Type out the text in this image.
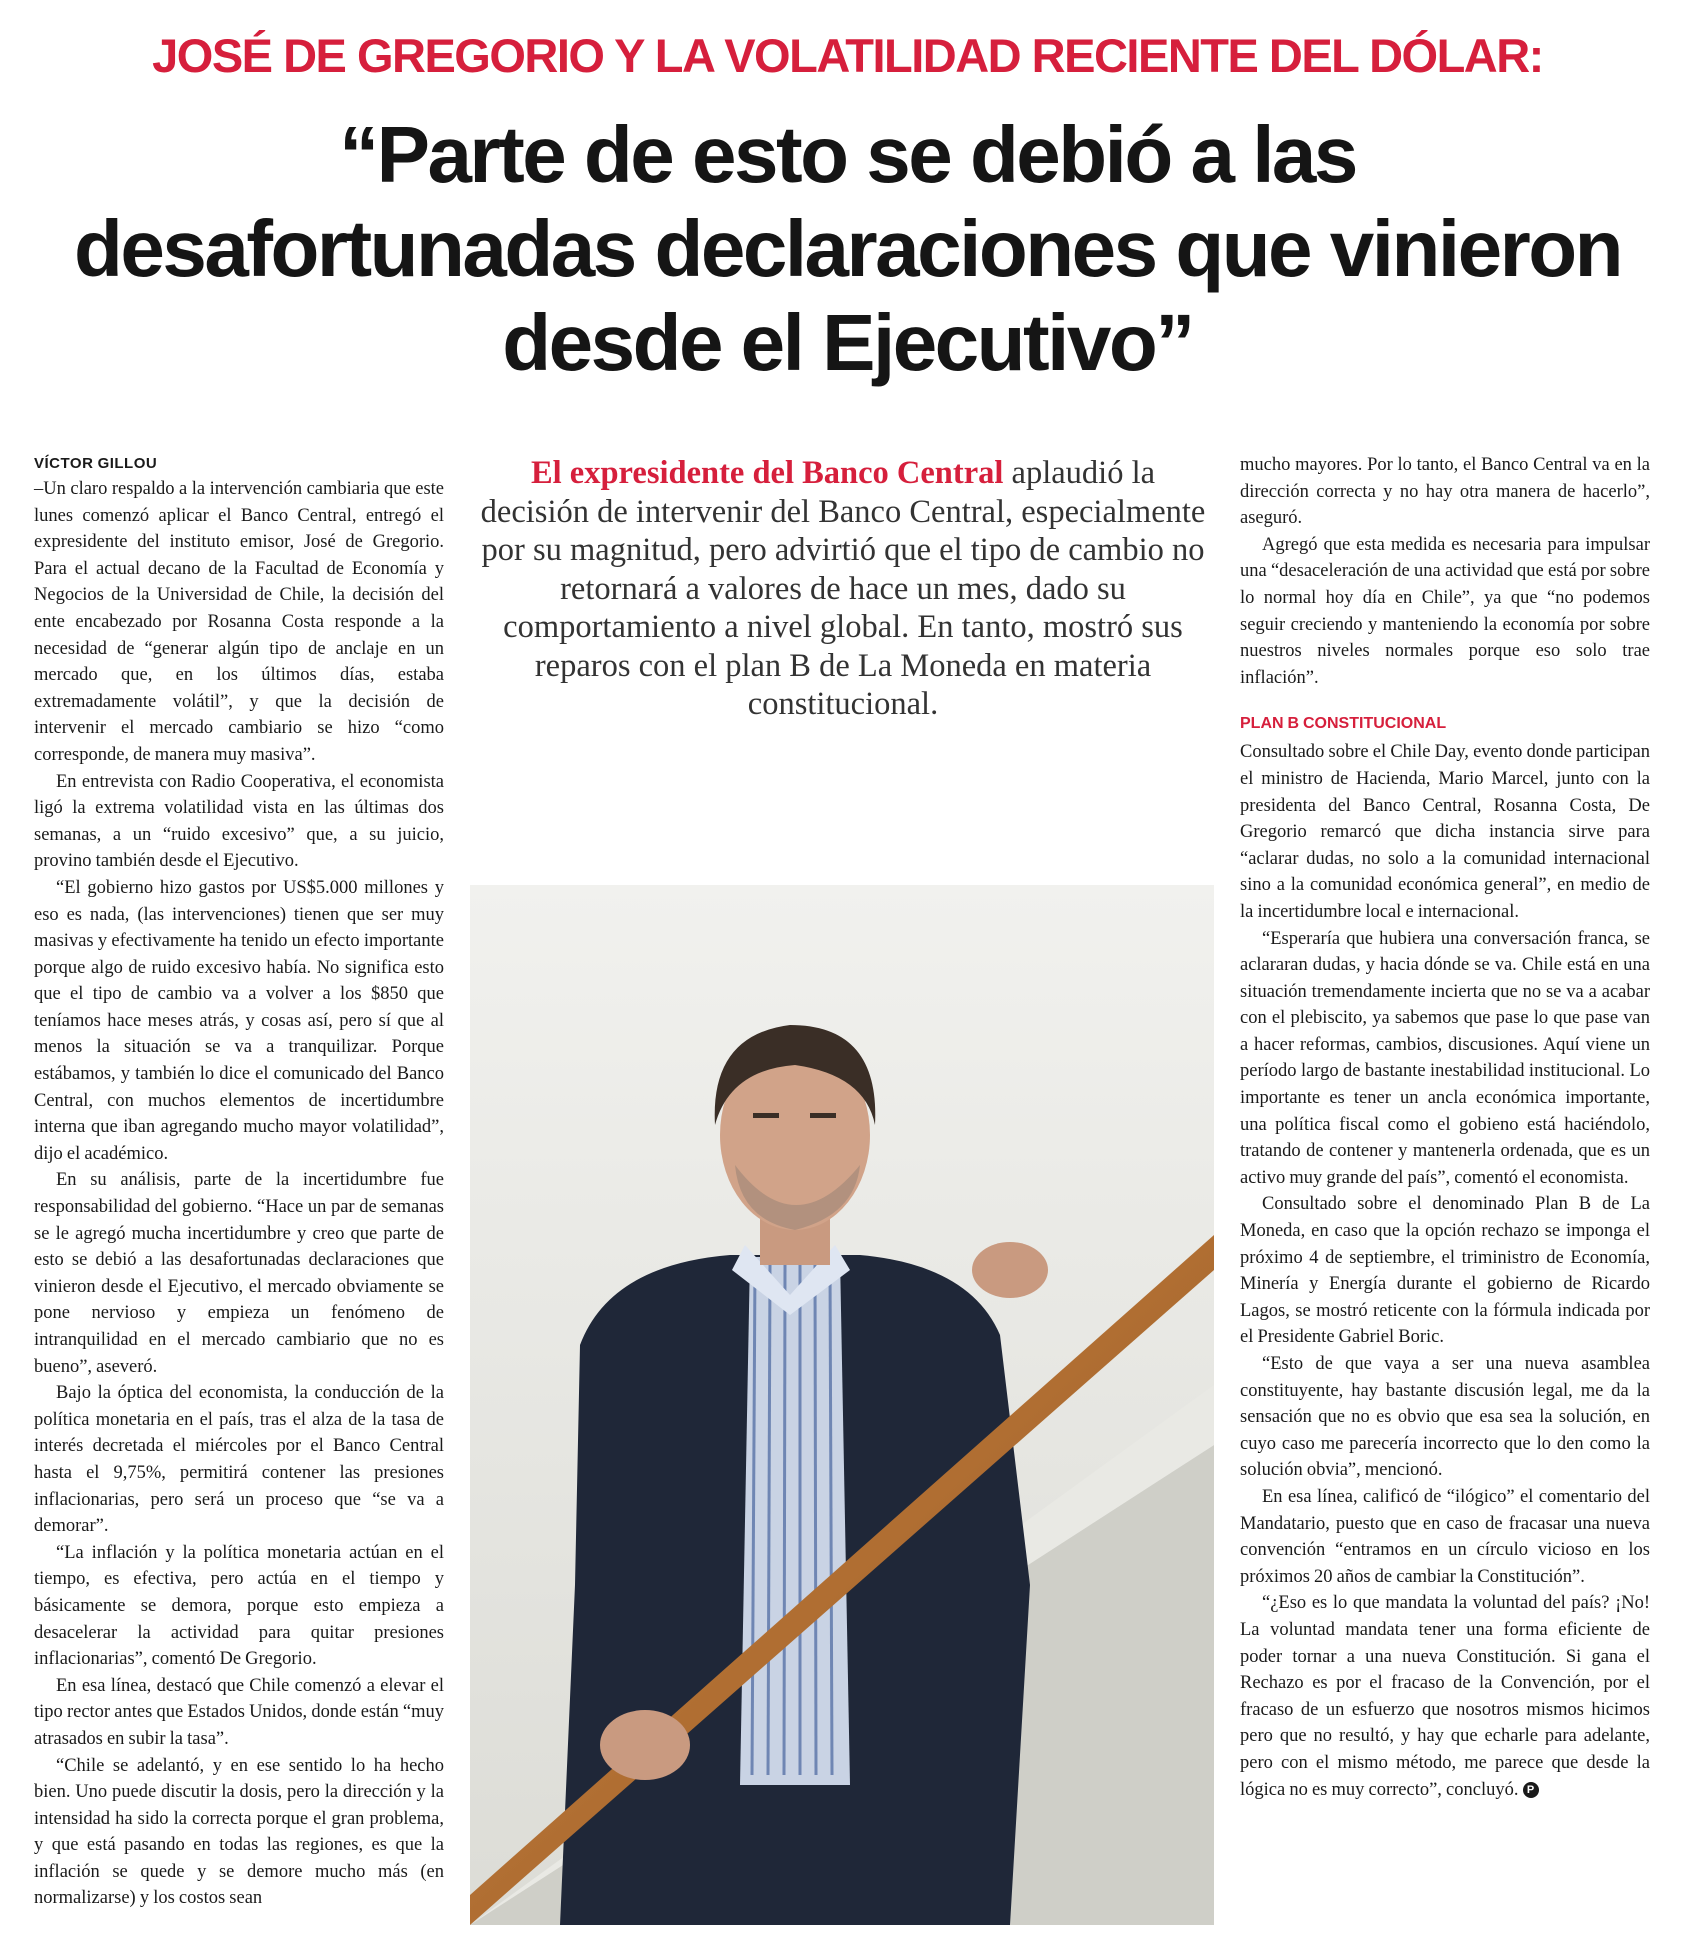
JOSÉ DE GREGORIO Y LA VOLATILIDAD RECIENTE DEL DÓLAR:
“Parte de esto se debió a las
desafortunadas declaraciones que vinieron
desde el Ejecutivo”
VÍCTOR GILLOU

–Un claro respaldo a la intervención cambiaria que este lunes comenzó aplicar el Banco Central, entregó el expresidente del instituto emisor, José de Gregorio. Para el actual decano de la Facultad de Economía y Negocios de la Universidad de Chile, la decisión del ente encabezado por Rosanna Costa responde a la necesidad de “generar algún tipo de anclaje en un mercado que, en los últimos días, estaba extremadamente volátil”, y que la decisión de intervenir el mercado cambiario se hizo “como corresponde, de manera muy masiva”.

En entrevista con Radio Cooperativa, el economista ligó la extrema volatilidad vista en las últimas dos semanas, a un “ruido excesivo” que, a su juicio, provino también desde el Ejecutivo.

“El gobierno hizo gastos por US$5.000 millones y eso es nada, (las intervenciones) tienen que ser muy masivas y efectivamente ha tenido un efecto importante porque algo de ruido excesivo había. No significa esto que el tipo de cambio va a volver a los $850 que teníamos hace meses atrás, y cosas así, pero sí que al menos la situación se va a tranquilizar. Porque estábamos, y también lo dice el comunicado del Banco Central, con muchos elementos de incertidumbre interna que iban agregando mucho mayor volatilidad”, dijo el académico.

En su análisis, parte de la incertidumbre fue responsabilidad del gobierno. “Hace un par de semanas se le agregó mucha incertidumbre y creo que parte de esto se debió a las desafortunadas declaraciones que vinieron desde el Ejecutivo, el mercado obviamente se pone nervioso y empieza un fenómeno de intranquilidad en el mercado cambiario que no es bueno”, aseveró.

Bajo la óptica del economista, la conducción de la política monetaria en el país, tras el alza de la tasa de interés decretada el miércoles por el Banco Central hasta el 9,75%, permitirá contener las presiones inflacionarias, pero será un proceso que “se va a demorar”.

“La inflación y la política monetaria actúan en el tiempo, es efectiva, pero actúa en el tiempo y básicamente se demora, porque esto empieza a desacelerar la actividad para quitar presiones inflacionarias”, comentó De Gregorio.

En esa línea, destacó que Chile comenzó a elevar el tipo rector antes que Estados Unidos, donde están “muy atrasados en subir la tasa”.

“Chile se adelantó, y en ese sentido lo ha hecho bien. Uno puede discutir la dosis, pero la dirección y la intensidad ha sido la correcta porque el gran problema, y que está pasando en todas las regiones, es que la inflación se quede y se demore mucho más (en normalizarse) y los costos sean

El expresidente del Banco Central aplaudió la decisión de intervenir del Banco Central, especialmente por su magnitud, pero advirtió que el tipo de cambio no retornará a valores de hace un mes, dado su comportamiento a nivel global. En tanto, mostró sus reparos con el plan B de La Moneda en materia constitucional.

mucho mayores. Por lo tanto, el Banco Central va en la dirección correcta y no hay otra manera de hacerlo”, aseguró.

Agregó que esta medida es necesaria para impulsar una “desaceleración de una actividad que está por sobre lo normal hoy día en Chile”, ya que “no podemos seguir creciendo y manteniendo la economía por sobre nuestros niveles normales porque eso solo trae inflación”.

PLAN B CONSTITUCIONAL

Consultado sobre el Chile Day, evento donde participan el ministro de Hacienda, Mario Marcel, junto con la presidenta del Banco Central, Rosanna Costa, De Gregorio remarcó que dicha instancia sirve para “aclarar dudas, no solo a la comunidad internacional sino a la comunidad económica general”, en medio de la incertidumbre local e internacional.

“Esperaría que hubiera una conversación franca, se aclararan dudas, y hacia dónde se va. Chile está en una situación tremendamente incierta que no se va a acabar con el plebiscito, ya sabemos que pase lo que pase van a hacer reformas, cambios, discusiones. Aquí viene un período largo de bastante inestabilidad institucional. Lo importante es tener un ancla económica importante, una política fiscal como el gobieno está haciéndolo, tratando de contener y mantenerla ordenada, que es un activo muy grande del país”, comentó el economista.

Consultado sobre el denominado Plan B de La Moneda, en caso que la opción rechazo se imponga el próximo 4 de septiembre, el triministro de Economía, Minería y Energía durante el gobierno de Ricardo Lagos, se mostró reticente con la fórmula indicada por el Presidente Gabriel Boric.

“Esto de que vaya a ser una nueva asamblea constituyente, hay bastante discusión legal, me da la sensación que no es obvio que esa sea la solución, en cuyo caso me parecería incorrecto que lo den como la solución obvia”, mencionó.

En esa línea, calificó de “ilógico” el comentario del Mandatario, puesto que en caso de fracasar una nueva convención “entramos en un círculo vicioso en los próximos 20 años de cambiar la Constitución”.

“¿Eso es lo que mandata la voluntad del país? ¡No! La voluntad mandata tener una forma eficiente de poder tornar a una nueva Constitución. Si gana el Rechazo es por el fracaso de la Convención, por el fracaso de un esfuerzo que nosotros mismos hicimos pero que no resultó, y hay que echarle para adelante, pero con el mismo método, me parece que desde la lógica no es muy correcto”, concluyó. P
